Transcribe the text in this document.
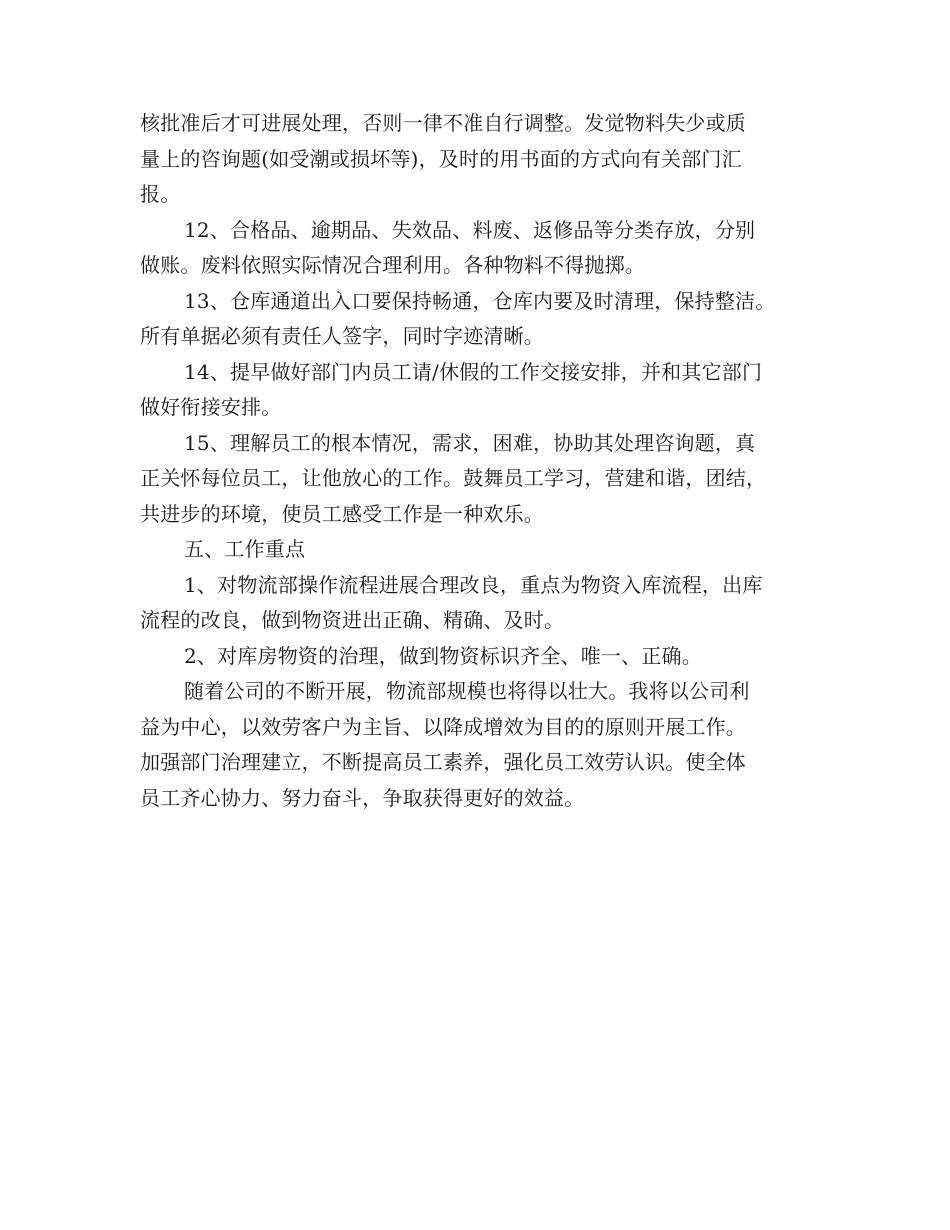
核批准后才可进展处理，否则一律不准自行调整。发觉物料失少或质
量上的咨询题(如受潮或损坏等)，及时的用书面的方式向有关部门汇
报。
12、合格品、逾期品、失效品、料废、返修品等分类存放，分别
做账。废料依照实际情况合理利用。各种物料不得抛掷。
13、仓库通道出入口要保持畅通，仓库内要及时清理，保持整洁。
所有单据必须有责任人签字，同时字迹清晰。
14、提早做好部门内员工请/休假的工作交接安排，并和其它部门
做好衔接安排。
15、理解员工的根本情况，需求，困难，协助其处理咨询题，真
正关怀每位员工，让他放心的工作。鼓舞员工学习，营建和谐，团结，
共进步的环境，使员工感受工作是一种欢乐。
五、工作重点
1、对物流部操作流程进展合理改良，重点为物资入库流程，出库
流程的改良，做到物资进出正确、精确、及时。
2、对库房物资的治理，做到物资标识齐全、唯一、正确。
随着公司的不断开展，物流部规模也将得以壮大。我将以公司利
益为中心，以效劳客户为主旨、以降成增效为目的的原则开展工作。
加强部门治理建立，不断提高员工素养，强化员工效劳认识。使全体
员工齐心协力、努力奋斗，争取获得更好的效益。
